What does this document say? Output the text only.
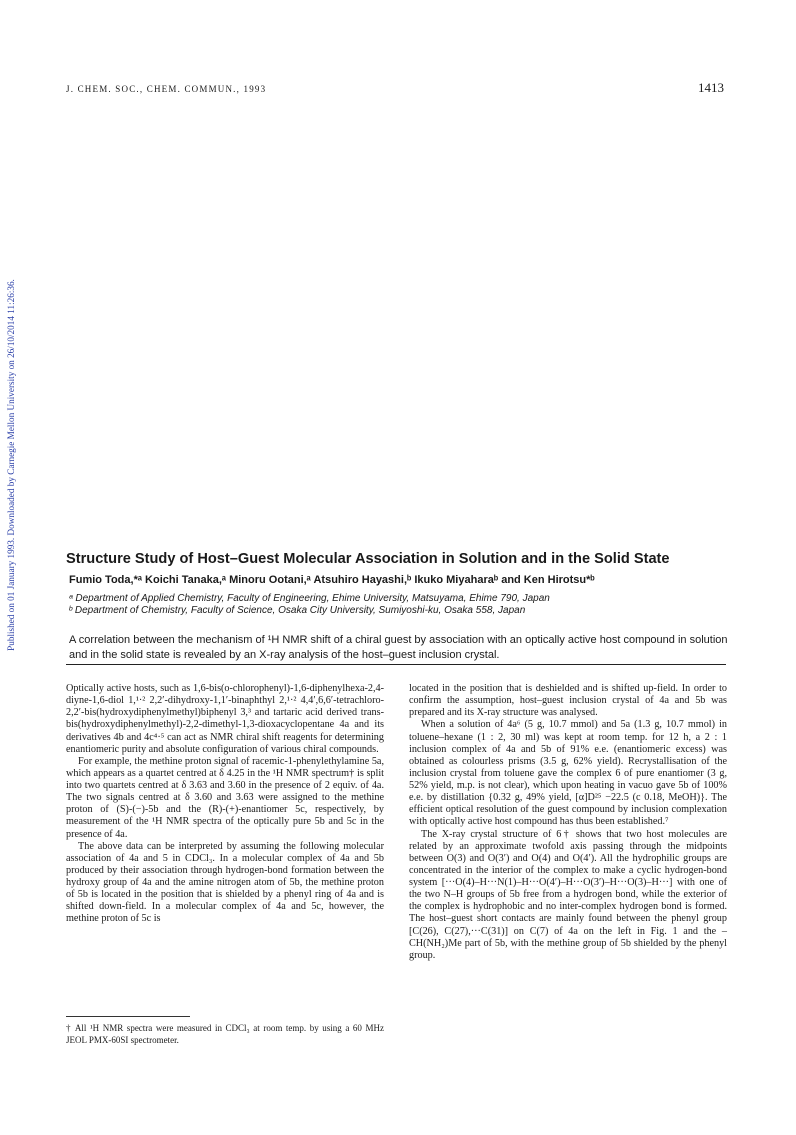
J. CHEM. SOC., CHEM. COMMUN., 1993	1413
Published on 01 January 1993. Downloaded by Carnegie Mellon University on 26/10/2014 11:26:36.	Structure Study of Host–Guest Molecular Association in Solution and in the Solid State
Fumio Toda,*ᵃ Koichi Tanaka,ᵃ Minoru Ootani,ᵃ Atsuhiro Hayashi,ᵇ Ikuko Miyaharaᵇ and Ken Hirotsu*ᵇ
ᵃ Department of Applied Chemistry, Faculty of Engineering, Ehime University, Matsuyama, Ehime 790, Japan
ᵇ Department of Chemistry, Faculty of Science, Osaka City University, Sumiyoshi-ku, Osaka 558, Japan
A correlation between the mechanism of ¹H NMR shift of a chiral guest by association with an optically active host compound in solution and in the solid state is revealed by an X-ray analysis of the host–guest inclusion crystal.

Optically active hosts, such as 1,6-bis(o-chlorophenyl)-1,6-diphenylhexa-2,4-diyne-1,6-diol 1,¹·² 2,2′-dihydroxy-1,1′-binaphthyl 2,¹·² 4,4′,6,6′-tetrachloro-2,2′-bis(hydroxydiphenylmethyl)biphenyl 3,³ and tartaric acid derived trans-bis(hydroxydiphenylmethyl)-2,2-dimethyl-1,3-dioxacyclopentane 4a and its derivatives 4b and 4c⁴·⁵ can act as NMR chiral shift reagents for determining enantiomeric purity and absolute configuration of various chiral compounds.

For example, the methine proton signal of racemic-1-phenylethylamine 5a, which appears as a quartet centred at δ 4.25 in the ¹H NMR spectrum† is split into two quartets centred at δ 3.63 and 3.60 in the presence of 2 equiv. of 4a. The two signals centred at δ 3.60 and 3.63 were assigned to the methine proton of (S)-(−)-5b and the (R)-(+)-enantiomer 5c, respectively, by measurement of the ¹H NMR spectra of the optically pure 5b and 5c in the presence of 4a.

The above data can be interpreted by assuming the following molecular association of 4a and 5 in CDCl₃. In a molecular complex of 4a and 5b produced by their association through hydrogen-bond formation between the hydroxy group of 4a and the amine nitrogen atom of 5b, the methine proton of 5b is located in the position that is shielded by a phenyl ring of 4a and is shifted down-field. In a molecular complex of 4a and 5c, however, the methine proton of 5c is

located in the position that is deshielded and is shifted up-field. In order to confirm the assumption, host–guest inclusion crystal of 4a and 5b was prepared and its X-ray structure was analysed.

When a solution of 4a⁶ (5 g, 10.7 mmol) and 5a (1.3 g, 10.7 mmol) in toluene–hexane (1 : 2, 30 ml) was kept at room temp. for 12 h, a 2 : 1 inclusion complex of 4a and 5b of 91% e.e. (enantiomeric excess) was obtained as colourless prisms (3.5 g, 62% yield). Recrystallisation of the inclusion crystal from toluene gave the complex 6 of pure enantiomer (3 g, 52% yield, m.p. is not clear), which upon heating in vacuo gave 5b of 100% e.e. by distillation {0.32 g, 49% yield, [α]D²⁵ −22.5 (c 0.18, MeOH)}. The efficient optical resolution of the guest compound by inclusion complexation with optically active host compound has thus been established.⁷

The X-ray crystal structure of 6† shows that two host molecules are related by an approximate twofold axis passing through the midpoints between O(3) and O(3′) and O(4) and O(4′). All the hydrophilic groups are concentrated in the interior of the complex to make a cyclic hydrogen-bond system [···O(4)–H···N(1)–H···O(4′)–H···O(3′)–H···O(3)–H···] with one of the two N–H groups of 5b free from a hydrogen bond, while the exterior of the complex is hydrophobic and no inter-complex hydrogen bond is formed. The host–guest short contacts are mainly found between the phenyl group [C(26), C(27),···C(31)] on C(7) of 4a on the left in Fig. 1 and the –CH(NH₂)Me part of 5b, with the methine group of 5b shielded by the phenyl group.

† All ¹H NMR spectra were measured in CDCl₃ at room temp. by using a 60 MHz JEOL PMX-60SI spectrometer.
